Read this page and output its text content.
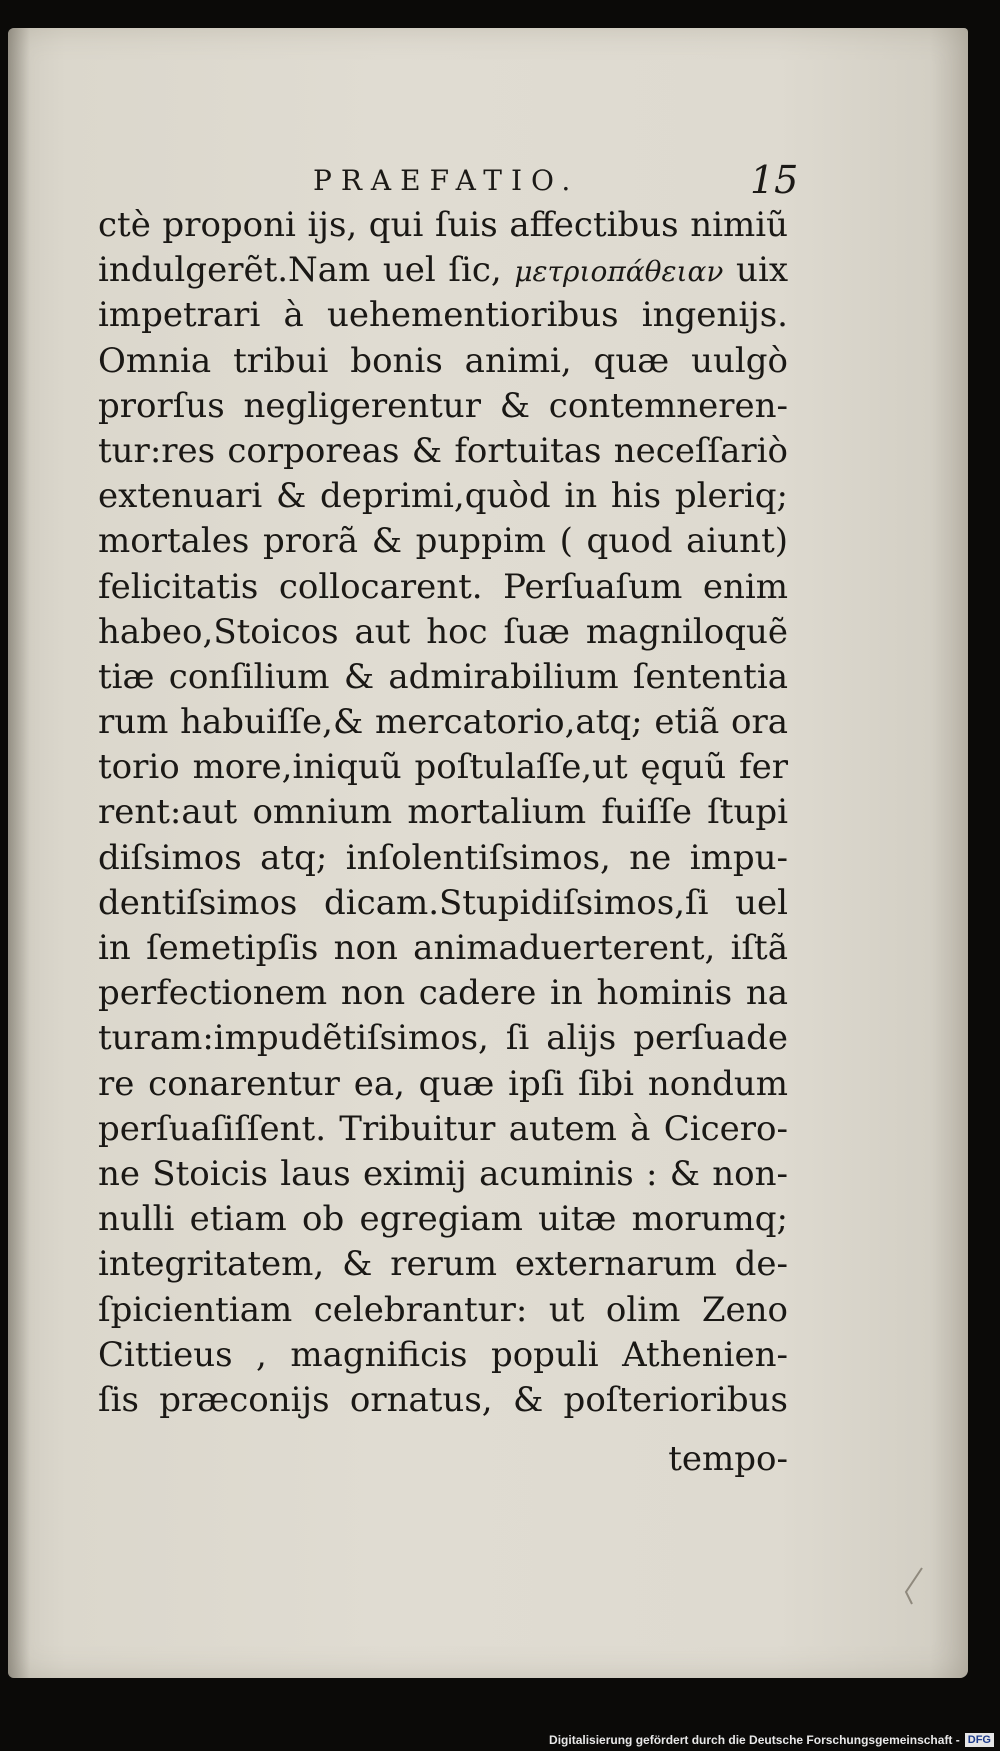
PRAEFATIO.	15
ctè proponi ijs, qui ſuis affectibus nimiũ
indulgerẽt.Nam uel ſic, μετριοπάθειαν uix
impetrari à uehementioribus ingenijs.
Omnia tribui bonis animi, quæ uulgò
prorſus negligerentur & contemneren-
tur:res corporeas & fortuitas neceſſariò
extenuari & deprimi,quòd in his pleriq;
mortales prorã & puppim ( quod aiunt)
felicitatis collocarent. Perſuaſum enim
habeo,Stoicos aut hoc ſuæ magniloquẽ
tiæ conſilium & admirabilium ſententia
rum habuiſſe,& mercatorio,atq; etiã ora
torio more,iniquũ poſtulaſſe,ut ęquũ fer
rent:aut omnium mortalium fuiſſe ſtupi
diſsimos atq; inſolentiſsimos, ne impu-
dentiſsimos dicam.Stupidiſsimos,ſi uel
in ſemetipſis non animaduerterent, iſtã
perfectionem non cadere in hominis na
turam:impudẽtiſsimos, ſi alijs perſuade
re conarentur ea, quæ ipſi ſibi nondum
perſuaſiſſent. Tribuitur autem à Cicero-
ne Stoicis laus eximij acuminis : & non-
nulli etiam ob egregiam uitæ morumq;
integritatem, & rerum externarum de-
ſpicientiam celebrantur: ut olim Zeno
Cittieus , magnificis populi Athenien-
ſis præconijs ornatus, & poſterioribus
tempo-
Digitalisierung gefördert durch die Deutsche Forschungsgemeinschaft - DFG
